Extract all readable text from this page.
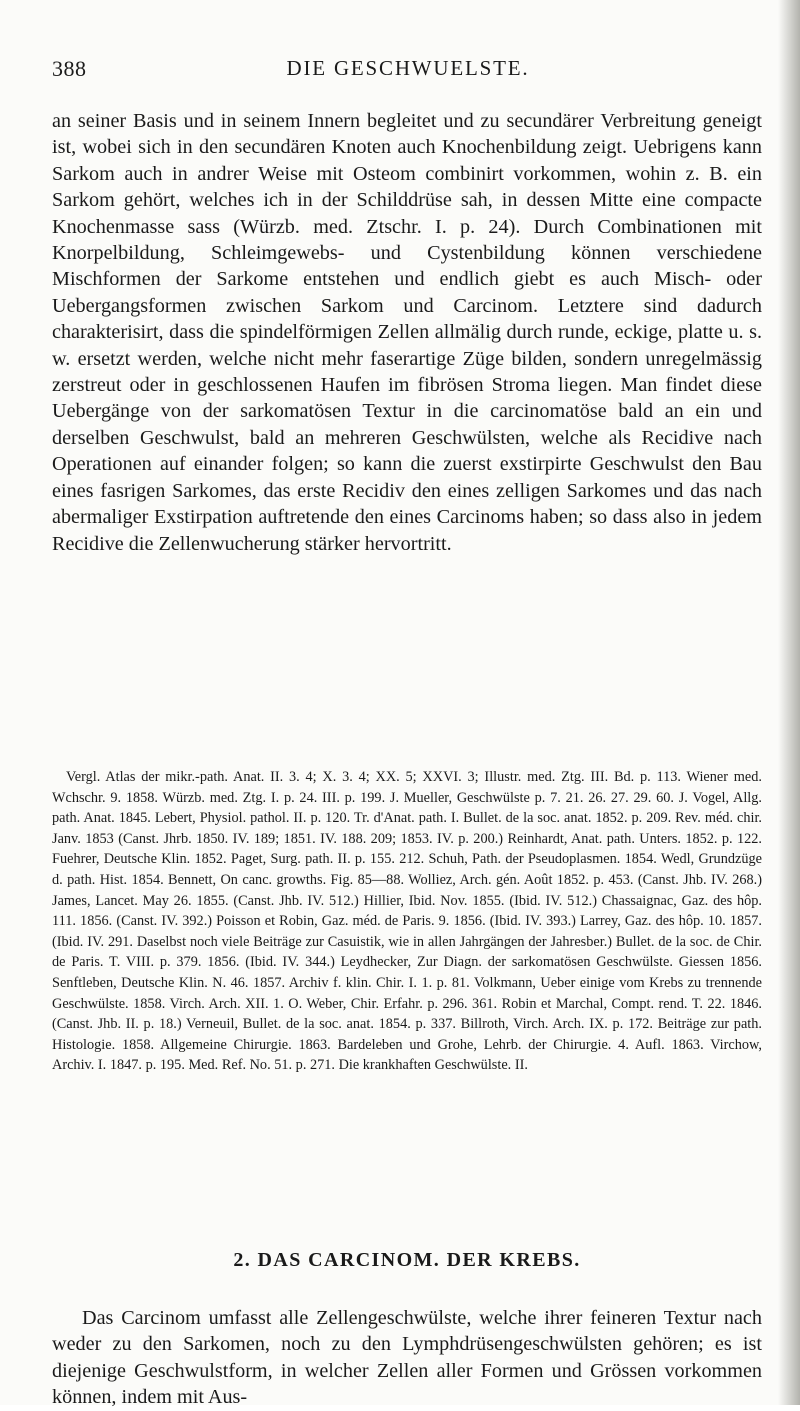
388	DIE GESCHWUELSTE.

an seiner Basis und in seinem Innern begleitet und zu secundärer Verbreitung geneigt ist, wobei sich in den secundären Knoten auch Knochenbildung zeigt. Uebrigens kann Sarkom auch in andrer Weise mit Osteom combinirt vorkommen, wohin z. B. ein Sarkom gehört, welches ich in der Schilddrüse sah, in dessen Mitte eine compacte Knochenmasse sass (Würzb. med. Ztschr. I. p. 24). Durch Combinationen mit Knorpelbildung, Schleimgewebs- und Cystenbildung können verschiedene Mischformen der Sarkome entstehen und endlich giebt es auch Misch- oder Uebergangsformen zwischen Sarkom und Carcinom. Letztere sind dadurch charakterisirt, dass die spindelförmigen Zellen allmälig durch runde, eckige, platte u. s. w. ersetzt werden, welche nicht mehr faserartige Züge bilden, sondern unregelmässig zerstreut oder in geschlossenen Haufen im fibrösen Stroma liegen. Man findet diese Uebergänge von der sarkomatösen Textur in die carcinomatöse bald an ein und derselben Geschwulst, bald an mehreren Geschwülsten, welche als Recidive nach Operationen auf einander folgen; so kann die zuerst exstirpirte Geschwulst den Bau eines fasrigen Sarkomes, das erste Recidiv den eines zelligen Sarkomes und das nach abermaliger Exstirpation auftretende den eines Carcinoms haben; so dass also in jedem Recidive die Zellenwucherung stärker hervortritt.

Vergl. Atlas der mikr.-path. Anat. II. 3. 4; X. 3. 4; XX. 5; XXVI. 3; Illustr. med. Ztg. III. Bd. p. 113. Wiener med. Wchschr. 9. 1858. Würzb. med. Ztg. I. p. 24. III. p. 199. J. Mueller, Geschwülste p. 7. 21. 26. 27. 29. 60. J. Vogel, Allg. path. Anat. 1845. Lebert, Physiol. pathol. II. p. 120. Tr. d'Anat. path. I. Bullet. de la soc. anat. 1852. p. 209. Rev. méd. chir. Janv. 1853 (Canst. Jhrb. 1850. IV. 189; 1851. IV. 188. 209; 1853. IV. p. 200.) Reinhardt, Anat. path. Unters. 1852. p. 122. Fuehrer, Deutsche Klin. 1852. Paget, Surg. path. II. p. 155. 212. Schuh, Path. der Pseudoplasmen. 1854. Wedl, Grundzüge d. path. Hist. 1854. Bennett, On canc. growths. Fig. 85—88. Wolliez, Arch. gén. Août 1852. p. 453. (Canst. Jhb. IV. 268.) James, Lancet. May 26. 1855. (Canst. Jhb. IV. 512.) Hillier, Ibid. Nov. 1855. (Ibid. IV. 512.) Chassaignac, Gaz. des hôp. 111. 1856. (Canst. IV. 392.) Poisson et Robin, Gaz. méd. de Paris. 9. 1856. (Ibid. IV. 393.) Larrey, Gaz. des hôp. 10. 1857. (Ibid. IV. 291. Daselbst noch viele Beiträge zur Casuistik, wie in allen Jahrgängen der Jahresber.) Bullet. de la soc. de Chir. de Paris. T. VIII. p. 379. 1856. (Ibid. IV. 344.) Leydhecker, Zur Diagn. der sarkomatösen Geschwülste. Giessen 1856. Senftleben, Deutsche Klin. N. 46. 1857. Archiv f. klin. Chir. I. 1. p. 81. Volkmann, Ueber einige vom Krebs zu trennende Geschwülste. 1858. Virch. Arch. XII. 1. O. Weber, Chir. Erfahr. p. 296. 361. Robin et Marchal, Compt. rend. T. 22. 1846. (Canst. Jhb. II. p. 18.) Verneuil, Bullet. de la soc. anat. 1854. p. 337. Billroth, Virch. Arch. IX. p. 172. Beiträge zur path. Histologie. 1858. Allgemeine Chirurgie. 1863. Bardeleben und Grohe, Lehrb. der Chirurgie. 4. Aufl. 1863. Virchow, Archiv. I. 1847. p. 195. Med. Ref. No. 51. p. 271. Die krankhaften Geschwülste. II.

2. DAS CARCINOM. DER KREBS.

Das Carcinom umfasst alle Zellengeschwülste, welche ihrer feineren Textur nach weder zu den Sarkomen, noch zu den Lymphdrüsengeschwülsten gehören; es ist diejenige Geschwulstform, in welcher Zellen aller Formen und Grössen vorkommen können, indem mit Aus-
